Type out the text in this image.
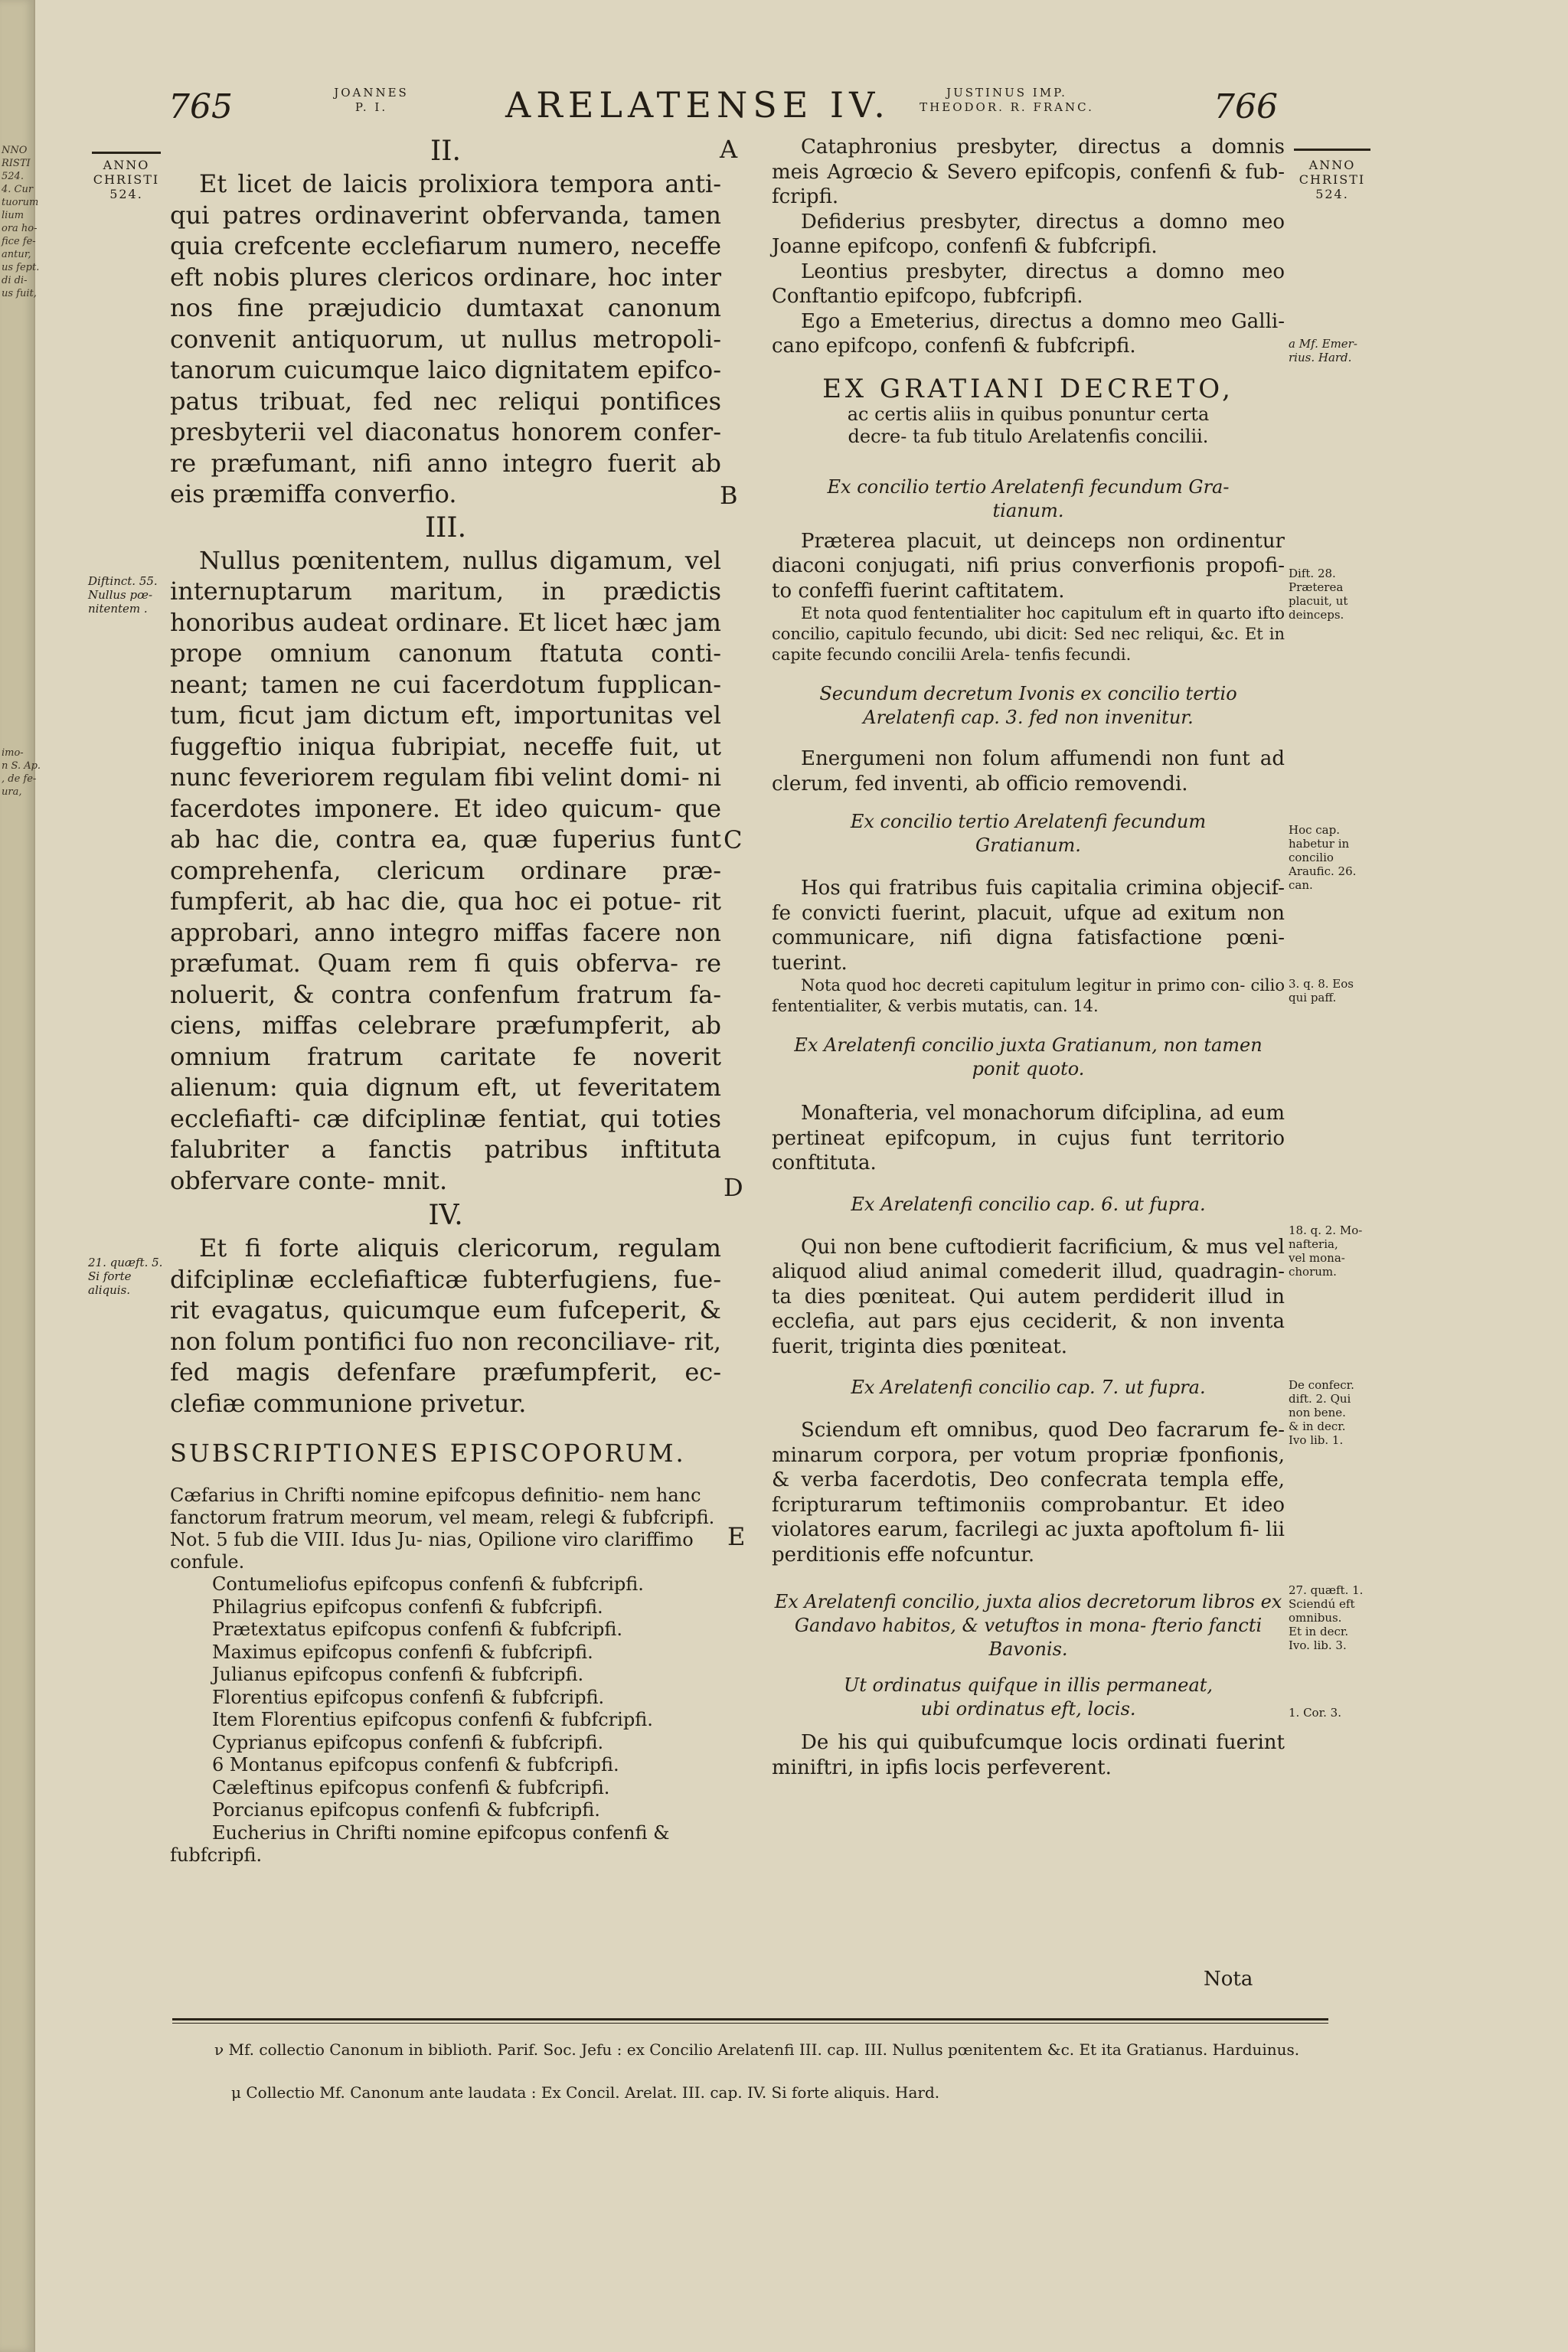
NNO
RISTI
524.
4. Cur
tuorum
lium
ora ho-
fice fe-
antur,
us fept.
di di-
us fuit,
imo-
n S. Ap.
, de fe-
ura,
765	JOANNES
P. I.	ARELATENSE IV.	JUSTINUS IMP.
THEODOR. R. FRANC.	766
ANNO
CHRISTI
524.
ANNO
CHRISTI
524.
A
B
C
D
E
Diftinct. 55.
Nullus pœ-
nitentem .
21. quæft. 5.
Si forte
aliquis.
II.

Et licet de laicis prolixiora tempora anti- qui patres ordinaverint obfervanda, tamen quia crefcente ecclefiarum numero, neceffe eft nobis plures clericos ordinare, hoc inter nos fine præjudicio dumtaxat canonum convenit antiquorum, ut nullus metropoli- tanorum cuicumque laico dignitatem epifco- patus tribuat, fed nec reliqui pontifices presbyterii vel diaconatus honorem confer- re præfumant, nifi anno integro fuerit ab eis præmiffa converfio.

III.

Nullus pœnitentem, nullus digamum, vel internuptarum maritum, in prædictis honoribus audeat ordinare. Et licet hæc jam prope omnium canonum ftatuta conti- neant; tamen ne cui facerdotum fupplican- tum, ficut jam dictum eft, importunitas vel fuggeftio iniqua fubripiat, neceffe fuit, ut nunc feveriorem regulam fibi velint domi- ni facerdotes imponere. Et ideo quicum- que ab hac die, contra ea, quæ fuperius funt comprehenfa, clericum ordinare præ- fumpferit, ab hac die, qua hoc ei potue- rit approbari, anno integro miffas facere non præfumat. Quam rem fi quis obferva- re noluerit, & contra confenfum fratrum fa- ciens, miffas celebrare præfumpferit, ab omnium fratrum caritate fe noverit alienum: quia dignum eft, ut feveritatem ecclefiafti- cæ difciplinæ fentiat, qui toties falubriter a fanctis patribus inftituta obfervare conte- mnit.

IV.

Et fi forte aliquis clericorum, regulam difciplinæ ecclefiafticæ fubterfugiens, fue- rit evagatus, quicumque eum fufceperit, & non folum pontifici fuo non reconciliave- rit, fed magis defenfare præfumpferit, ec- clefiæ communione privetur.

SUBSCRIPTIONES EPISCOPORUM.

Cæfarius in Chrifti nomine epifcopus definitio- nem hanc fanctorum fratrum meorum, vel meam, relegi & fubfcripfi. Not. 5 fub die VIII. Idus Ju- nias, Opilione viro clariffimo confule.

Contumeliofus epifcopus confenfi & fubfcripfi.

Philagrius epifcopus confenfi & fubfcripfi.

Prætextatus epifcopus confenfi & fubfcripfi.

Maximus epifcopus confenfi & fubfcripfi.

Julianus epifcopus confenfi & fubfcripfi.

Florentius epifcopus confenfi & fubfcripfi.

Item Florentius epifcopus confenfi & fubfcripfi.

Cyprianus epifcopus confenfi & fubfcripfi.

6 Montanus epifcopus confenfi & fubfcripfi.

Cæleftinus epifcopus confenfi & fubfcripfi.

Porcianus epifcopus confenfi & fubfcripfi.

Eucherius in Chrifti nomine epifcopus confenfi & fubfcripfi.

Cataphronius presbyter, directus a domnis meis Agrœcio & Severo epifcopis, confenfi & fub- fcripfi.

Defiderius presbyter, directus a domno meo Joanne epifcopo, confenfi & fubfcripfi.

Leontius presbyter, directus a domno meo Conftantio epifcopo, fubfcripfi.

Ego a Emeterius, directus a domno meo Galli- cano epifcopo, confenfi & fubfcripfi.

EX GRATIANI DECRETO,

ac certis aliis in quibus ponuntur certa decre- ta fub titulo Arelatenfis concilii.

Ex concilio tertio Arelatenfi fecundum Gra- tianum.

Præterea placuit, ut deinceps non ordinentur diaconi conjugati, nifi prius converfionis propofi- to confeffi fuerint caftitatem.

Et nota quod fententialiter hoc capitulum eft in quarto ifto concilio, capitulo fecundo, ubi dicit: Sed nec reliqui, &c. Et in capite fecundo concilii Arela- tenfis fecundi.

Secundum decretum Ivonis ex concilio tertio Arelatenfi cap. 3. fed non invenitur.

Energumeni non folum affumendi non funt ad clerum, fed inventi, ab officio removendi.

Ex concilio tertio Arelatenfi fecundum Gratianum.

Hos qui fratribus fuis capitalia crimina objecif- fe convicti fuerint, placuit, ufque ad exitum non communicare, nifi digna fatisfactione pœni- tuerint.

Nota quod hoc decreti capitulum legitur in primo con- cilio fententialiter, & verbis mutatis, can. 14.

Ex Arelatenfi concilio juxta Gratianum, non tamen ponit quoto.

Monafteria, vel monachorum difciplina, ad eum pertineat epifcopum, in cujus funt territorio conftituta.

Ex Arelatenfi concilio cap. 6. ut fupra.

Qui non bene cuftodierit facrificium, & mus vel aliquod aliud animal comederit illud, quadragin- ta dies pœniteat. Qui autem perdiderit illud in ecclefia, aut pars ejus ceciderit, & non inventa fuerit, triginta dies pœniteat.

Ex Arelatenfi concilio cap. 7. ut fupra.

Sciendum eft omnibus, quod Deo facrarum fe- minarum corpora, per votum propriæ fponfionis, & verba facerdotis, Deo confecrata templa effe, fcripturarum teftimoniis comprobantur. Et ideo violatores earum, facrilegi ac juxta apoftolum fi- lii perditionis effe nofcuntur.

Ex Arelatenfi concilio, juxta alios decretorum libros ex Gandavo habitos, & vetuftos in mona- fterio fancti Bavonis.

Ut ordinatus quifque in illis permaneat, ubi ordinatus eft, locis.

De his qui quibufcumque locis ordinati fuerint miniftri, in ipfis locis perfeverent.

Nota
a Mf. Emer-
rius. Hard.
Dift. 28.
Præterea
placuit, ut
deinceps.
Hoc cap.
habetur in
concilio
Araufic. 26.
can.
3. q. 8. Eos
qui paff.
18. q. 2. Mo-
nafteria,
vel mona-
chorum.
De confecr.
dift. 2. Qui
non bene.
& in decr.
Ivo lib. 1.
27. quæft. 1.
Sciendú eft
omnibus.
Et in decr.
Ivo. lib. 3.
1. Cor. 3.
ν Mf. collectio Canonum in biblioth. Parif. Soc. Jefu : ex Concilio Arelatenfi III. cap. III. Nullus pœnitentem &c. Et ita Gratianus. Harduinus.
μ Collectio Mf. Canonum ante laudata : Ex Concil. Arelat. III. cap. IV. Si forte aliquis. Hard.
